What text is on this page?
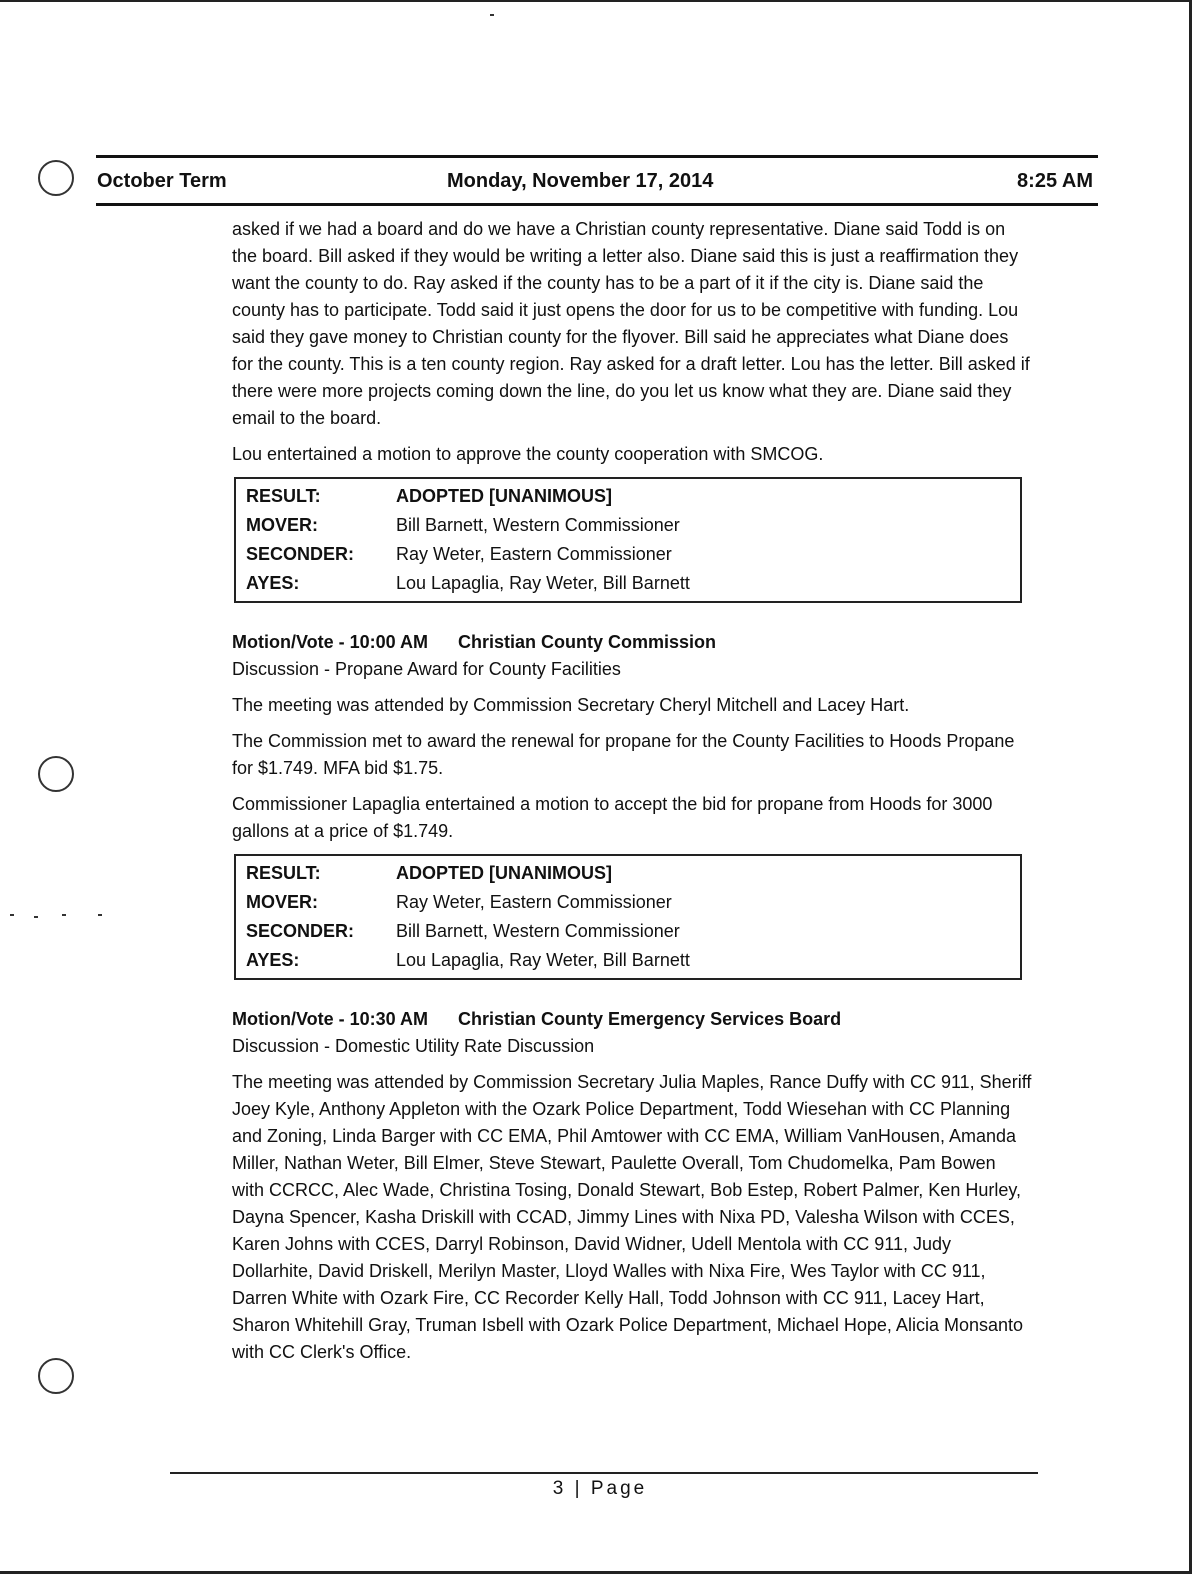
October Term	Monday, November 17, 2014	8:25 AM

asked if we had a board and do we have a Christian county representative. Diane said Todd is on the board. Bill asked if they would be writing a letter also. Diane said this is just a reaffirmation they want the county to do. Ray asked if the county has to be a part of it if the city is. Diane said the county has to participate. Todd said it just opens the door for us to be competitive with funding. Lou said they gave money to Christian county for the flyover. Bill said he appreciates what Diane does for the county. This is a ten county region. Ray asked for a draft letter. Lou has the letter. Bill asked if there were more projects coming down the line, do you let us know what they are. Diane said they email to the board.

Lou entertained a motion to approve the county cooperation with SMCOG.

RESULT:	ADOPTED [UNANIMOUS]
MOVER:	Bill Barnett, Western Commissioner
SECONDER:	Ray Weter, Eastern Commissioner
AYES:	Lou Lapaglia, Ray Weter, Bill Barnett
Motion/Vote - 10:00 AM Christian County Commission

Discussion - Propane Award for County Facilities

The meeting was attended by Commission Secretary Cheryl Mitchell and Lacey Hart.

The Commission met to award the renewal for propane for the County Facilities to Hoods Propane for $1.749. MFA bid $1.75.

Commissioner Lapaglia entertained a motion to accept the bid for propane from Hoods for 3000 gallons at a price of $1.749.

RESULT:	ADOPTED [UNANIMOUS]
MOVER:	Ray Weter, Eastern Commissioner
SECONDER:	Bill Barnett, Western Commissioner
AYES:	Lou Lapaglia, Ray Weter, Bill Barnett
Motion/Vote - 10:30 AM Christian County Emergency Services Board

Discussion - Domestic Utility Rate Discussion

The meeting was attended by Commission Secretary Julia Maples, Rance Duffy with CC 911, Sheriff Joey Kyle, Anthony Appleton with the Ozark Police Department, Todd Wiesehan with CC Planning and Zoning, Linda Barger with CC EMA, Phil Amtower with CC EMA, William VanHousen, Amanda Miller, Nathan Weter, Bill Elmer, Steve Stewart, Paulette Overall, Tom Chudomelka, Pam Bowen with CCRCC, Alec Wade, Christina Tosing, Donald Stewart, Bob Estep, Robert Palmer, Ken Hurley, Dayna Spencer, Kasha Driskill with CCAD, Jimmy Lines with Nixa PD, Valesha Wilson with CCES, Karen Johns with CCES, Darryl Robinson, David Widner, Udell Mentola with CC 911, Judy Dollarhite, David Driskell, Merilyn Master, Lloyd Walles with Nixa Fire, Wes Taylor with CC 911, Darren White with Ozark Fire, CC Recorder Kelly Hall, Todd Johnson with CC 911, Lacey Hart, Sharon Whitehill Gray, Truman Isbell with Ozark Police Department, Michael Hope, Alicia Monsanto with CC Clerk's Office.

3 | Page
